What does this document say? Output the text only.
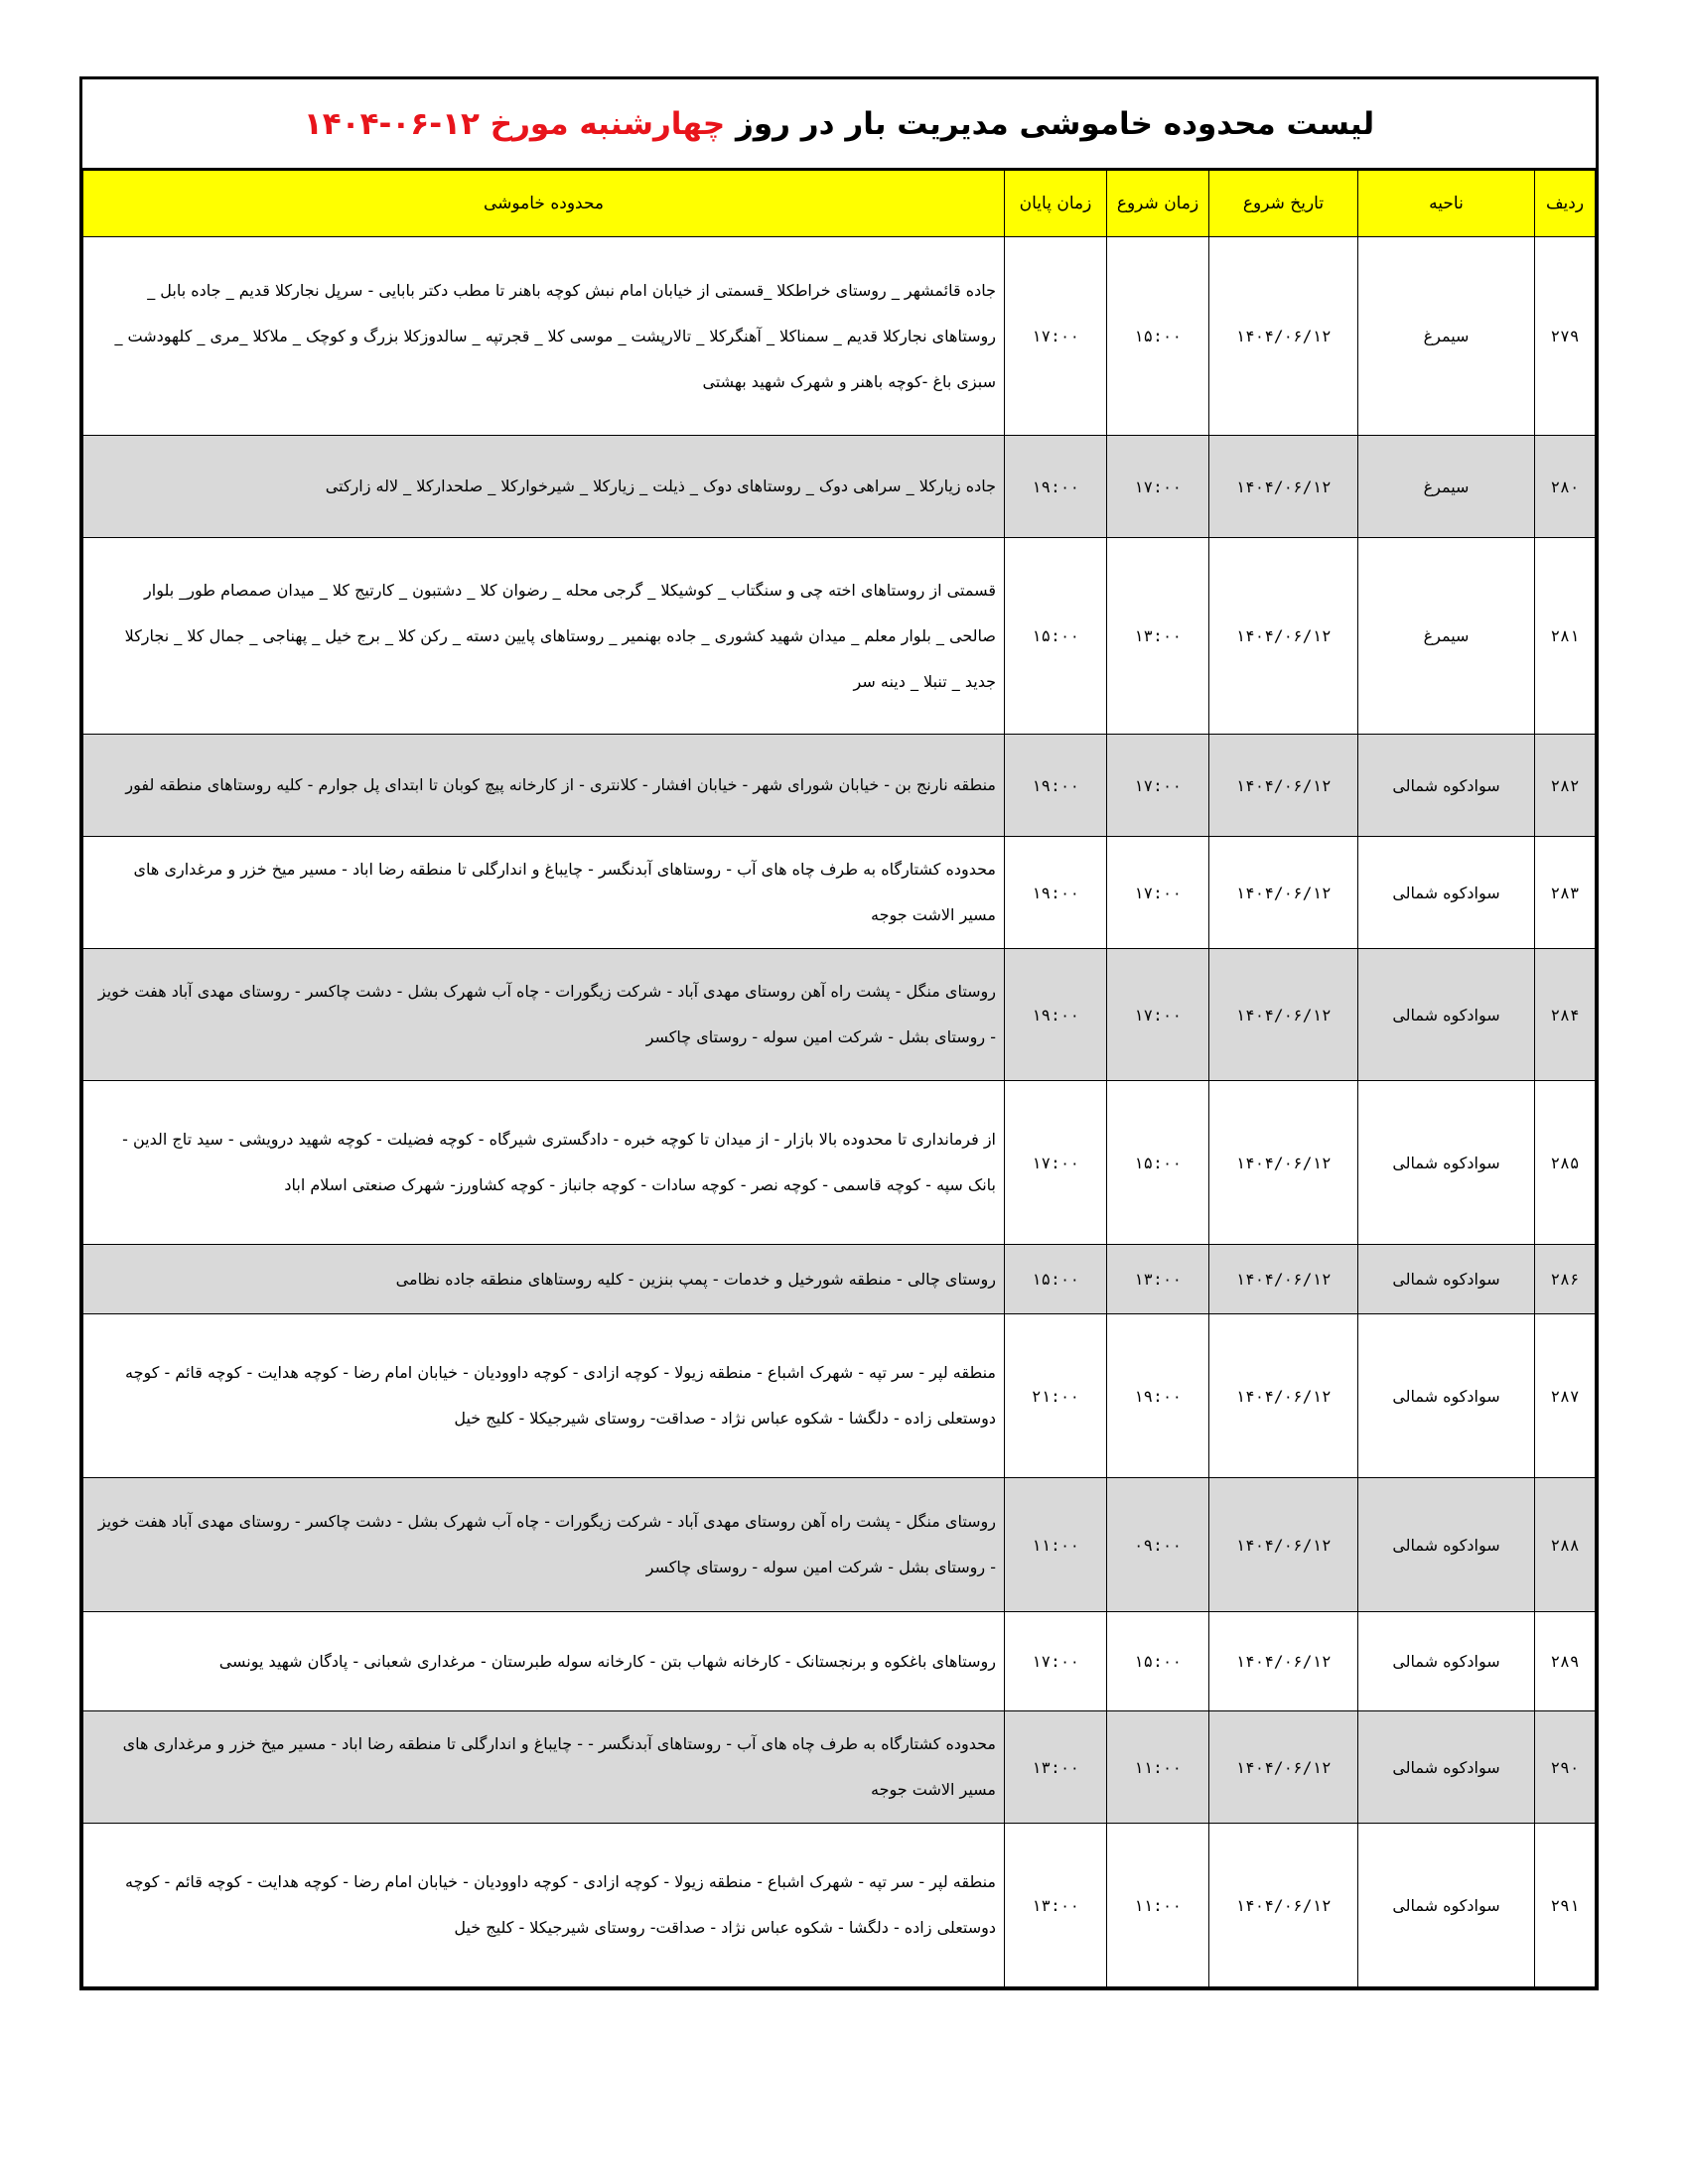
لیست محدوده خاموشی مدیریت بار در روز

چهارشنبه مورخ ۱۲-۰۶-۱۴۰۴
ردیف	ناحیه	تاریخ شروع	زمان شروع	زمان پایان	محدوده خاموشی
۲۷۹	سیمرغ	۱۴۰۴/۰۶/۱۲	۱۵:۰۰	۱۷:۰۰	جاده قائمشهر _ روستای خراطکلا _قسمتی از خیابان امام نبش کوچه باهنر تا مطب دکتر بابایی - سرپل نجارکلا قدیم _ جاده بابل _ روستاهای نجارکلا قدیم _ سمناکلا _ آهنگرکلا _ تالارپشت _ موسی کلا _ قجرتپه _ سالدوزکلا بزرگ و کوچک _ ملاکلا _مری _ کلهودشت _ سبزی باغ -کوچه باهنر و شهرک شهید بهشتی
۲۸۰	سیمرغ	۱۴۰۴/۰۶/۱۲	۱۷:۰۰	۱۹:۰۰	جاده زیارکلا _ سراهی دوک _ روستاهای دوک _ ذیلت _ زیارکلا _ شیرخوارکلا _ صلحدارکلا _ لاله زارکتی
۲۸۱	سیمرغ	۱۴۰۴/۰۶/۱۲	۱۳:۰۰	۱۵:۰۰	قسمتی از روستاهای اخته چی و سنگتاب _ کوشیکلا _ گرجی محله _ رضوان کلا _ دشتبون _ کارتیج کلا _ میدان صمصام طور_ بلوار صالحی _ بلوار معلم _ میدان شهید کشوری _ جاده بهنمیر _ روستاهای پایین دسته _ رکن کلا _ برج خیل _ پهناجی _ جمال کلا _ نجارکلا جدید _ تنبلا _ دینه سر
۲۸۲	سوادکوه شمالی	۱۴۰۴/۰۶/۱۲	۱۷:۰۰	۱۹:۰۰	منطقه نارنج بن - خیابان شورای شهر - خیابان افشار - کلانتری - از کارخانه پیچ کوبان تا ابتدای پل جوارم - کلیه روستاهای منطقه لفور
۲۸۳	سوادکوه شمالی	۱۴۰۴/۰۶/۱۲	۱۷:۰۰	۱۹:۰۰	محدوده کشتارگاه به طرف چاه های آب - روستاهای آبدنگسر - چایباغ و اندارگلی تا منطقه رضا اباد - مسیر میخ خزر و مرغداری های مسیر الاشت جوجه
۲۸۴	سوادکوه شمالی	۱۴۰۴/۰۶/۱۲	۱۷:۰۰	۱۹:۰۰	روستای منگل - پشت راه آهن روستای مهدی آباد - شرکت زیگورات - چاه آب شهرک بشل - دشت چاکسر - روستای مهدی آباد هفت خویز - روستای بشل - شرکت امین سوله - روستای چاکسر
۲۸۵	سوادکوه شمالی	۱۴۰۴/۰۶/۱۲	۱۵:۰۰	۱۷:۰۰	از فرمانداری تا محدوده بالا بازار - از میدان تا کوچه خبره - دادگستری شیرگاه - کوچه فضیلت - کوچه شهید درویشی - سید تاج الدین - بانک سپه - کوچه قاسمی - کوچه نصر - کوچه سادات - کوچه جانباز - کوچه کشاورز- شهرک صنعتی اسلام اباد
۲۸۶	سوادکوه شمالی	۱۴۰۴/۰۶/۱۲	۱۳:۰۰	۱۵:۰۰	روستای چالی - منطقه شورخیل و خدمات - پمپ بنزین - کلیه روستاهای منطقه جاده نظامی
۲۸۷	سوادکوه شمالی	۱۴۰۴/۰۶/۱۲	۱۹:۰۰	۲۱:۰۰	منطقه لپر - سر تپه - شهرک اشباع - منطقه زیولا - کوچه ازادی - کوچه داوودیان - خیابان امام رضا - کوچه هدایت - کوچه قائم - کوچه دوستعلی زاده - دلگشا - شکوه عباس نژاد - صداقت- روستای شیرجیکلا - کلیج خیل
۲۸۸	سوادکوه شمالی	۱۴۰۴/۰۶/۱۲	۰۹:۰۰	۱۱:۰۰	روستای منگل - پشت راه آهن روستای مهدی آباد - شرکت زیگورات - چاه آب شهرک بشل - دشت چاکسر - روستای مهدی آباد هفت خویز - روستای بشل - شرکت امین سوله - روستای چاکسر
۲۸۹	سوادکوه شمالی	۱۴۰۴/۰۶/۱۲	۱۵:۰۰	۱۷:۰۰	روستاهای باغکوه و برنجستانک - کارخانه شهاب بتن - کارخانه سوله طبرستان - مرغداری شعبانی - پادگان شهید یونسی
۲۹۰	سوادکوه شمالی	۱۴۰۴/۰۶/۱۲	۱۱:۰۰	۱۳:۰۰	محدوده کشتارگاه به طرف چاه های آب - روستاهای آبدنگسر - - چایباغ و اندارگلی تا منطقه رضا اباد - مسیر میخ خزر و مرغداری های مسیر الاشت جوجه
۲۹۱	سوادکوه شمالی	۱۴۰۴/۰۶/۱۲	۱۱:۰۰	۱۳:۰۰	منطقه لپر - سر تپه - شهرک اشباع - منطقه زیولا - کوچه ازادی - کوچه داوودیان - خیابان امام رضا - کوچه هدایت - کوچه قائم - کوچه دوستعلی زاده - دلگشا - شکوه عباس نژاد - صداقت- روستای شیرجیکلا - کلیج خیل
